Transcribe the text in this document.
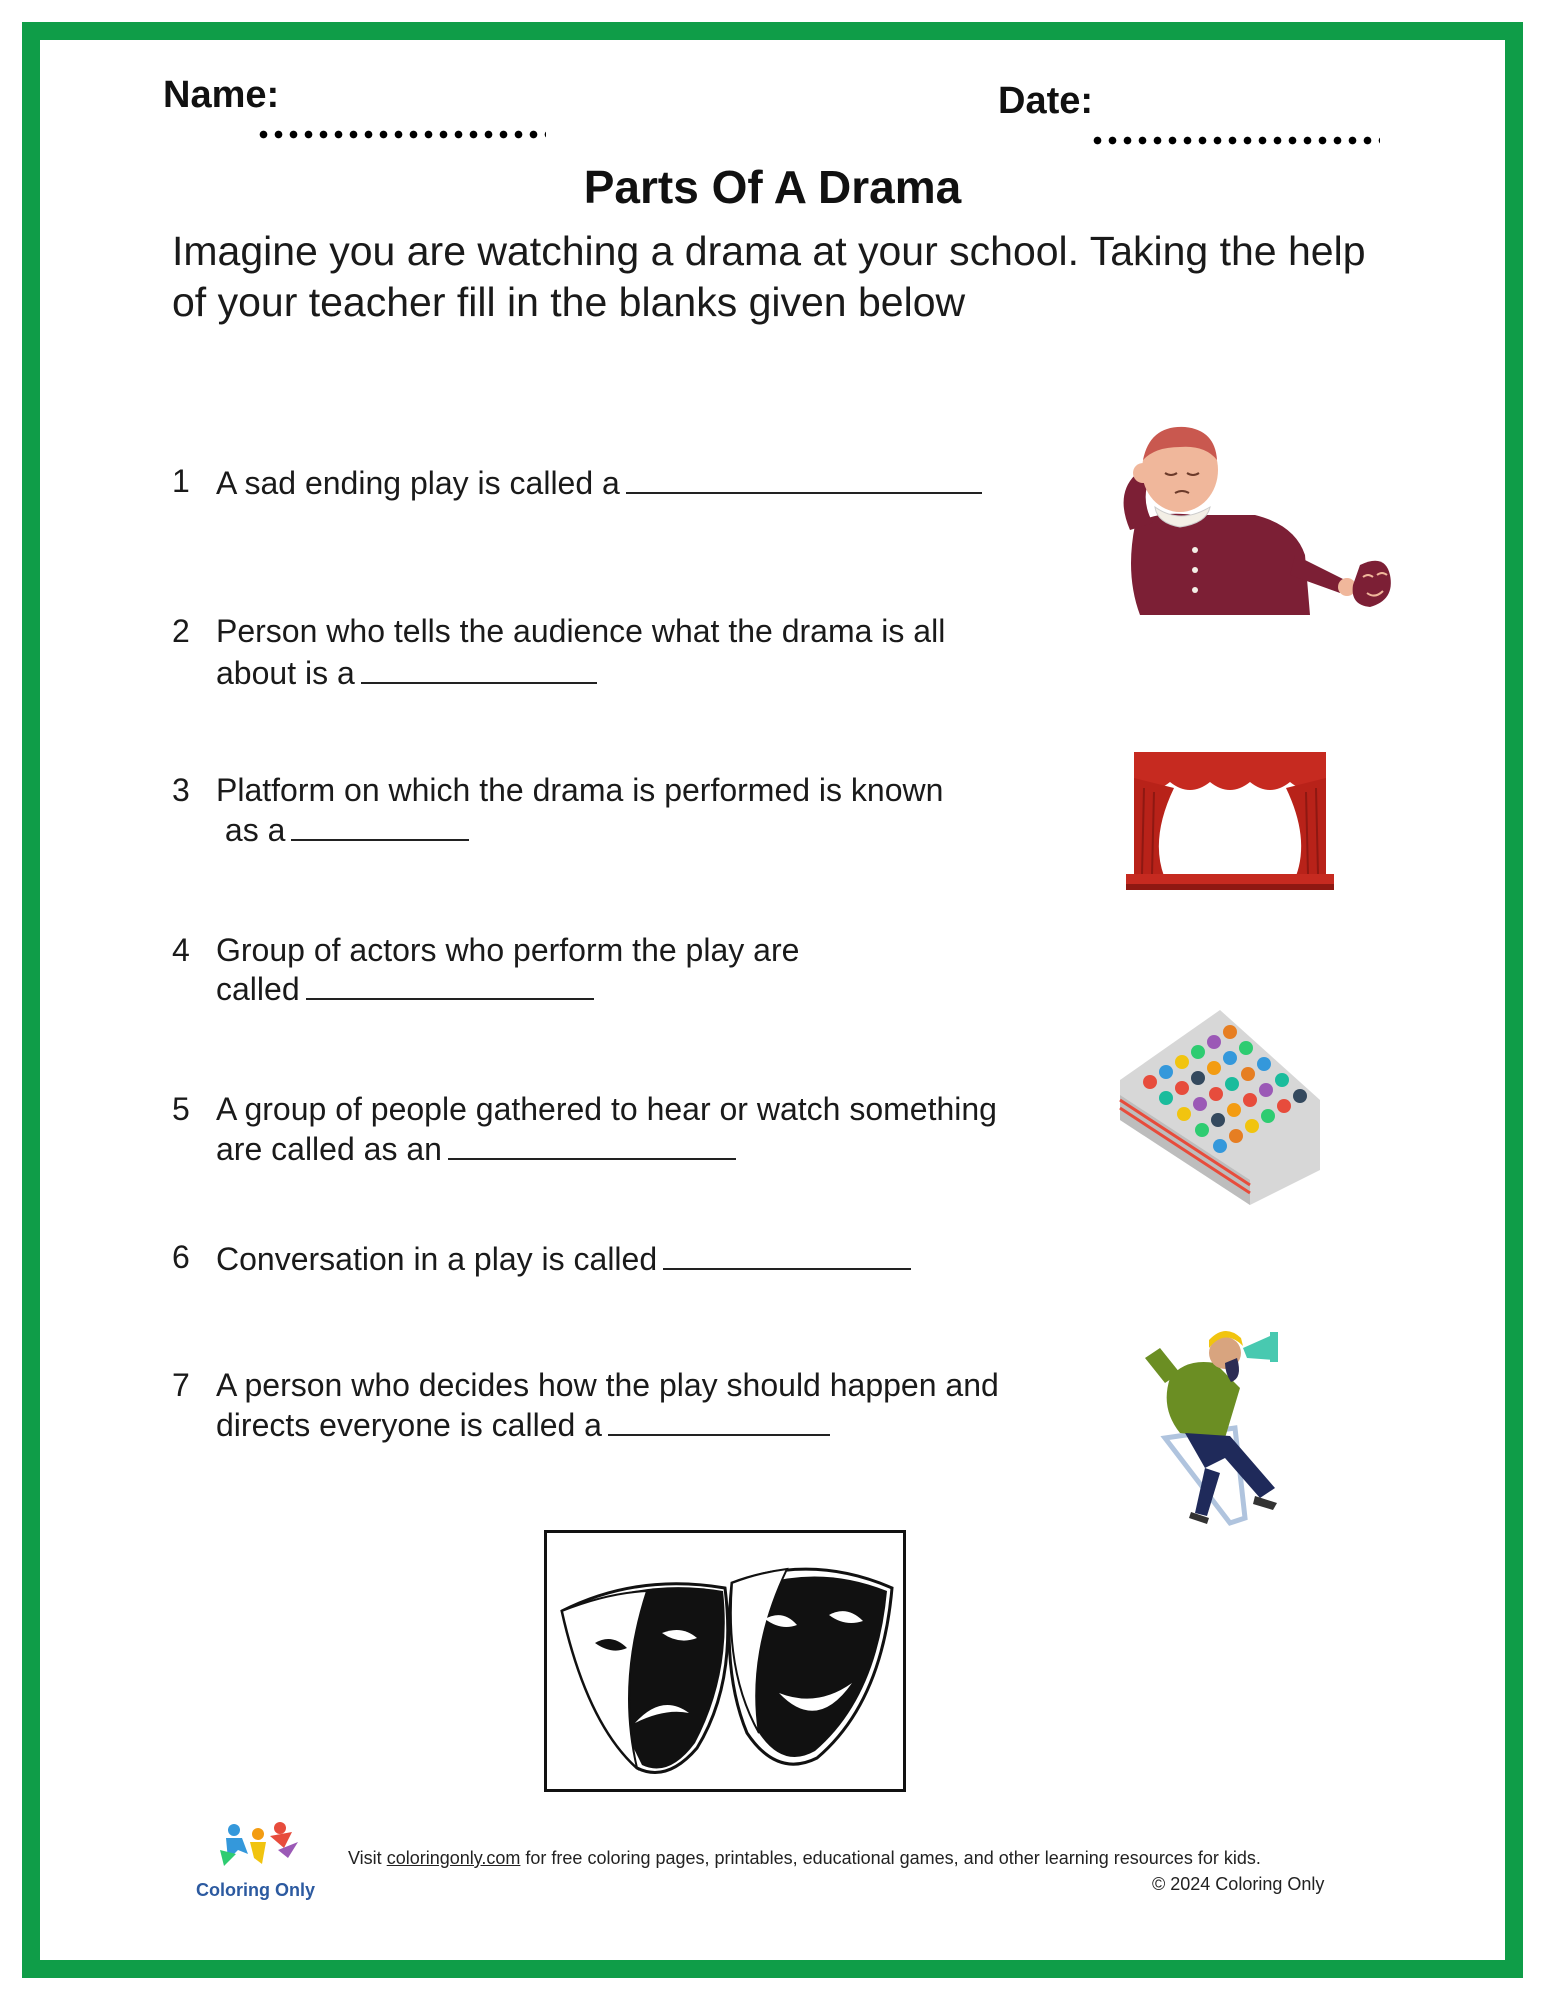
Name:	Date:
Parts Of A Drama
Imagine you are watching a drama at your school. Taking the help
of your teacher fill in the blanks given below
1 A sad ending play is called a
2 Person who tells the audience what the drama is all
about is a
3 Platform on which the drama is performed is known
as a
4 Group of actors who perform the play are
called
5 A group of people gathered to hear or watch something
are called as an
6 Conversation in a play is called
7 A person who decides how the play should happen and
directs everyone is called a
Coloring Only
Visit coloringonly.com for free coloring pages, printables, educational games, and other learning resources for kids.
© 2024 Coloring Only
